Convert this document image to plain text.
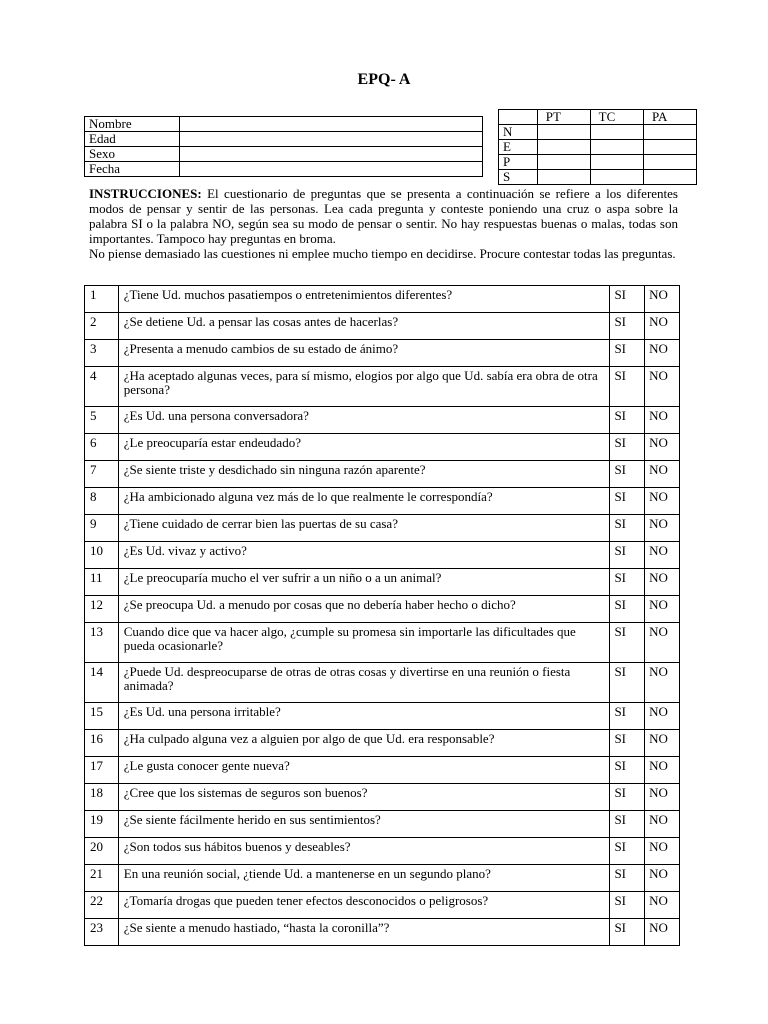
EPQ- A
Nombre	
Edad	
Sexo	
Fecha	
	PT	TC	PA
N			
E			
P			
S			

INSTRUCCIONES: El cuestionario de preguntas que se presenta a continuación se refiere a los diferentes modos de pensar y sentir de las personas. Lea cada pregunta y conteste poniendo una cruz o aspa sobre la palabra SI o la palabra NO, según sea su modo de pensar o sentir. No hay respuestas buenas o malas, todas son importantes. Tampoco hay preguntas en broma.

No piense demasiado las cuestiones ni emplee mucho tiempo en decidirse. Procure contestar todas las preguntas.

1	¿Tiene Ud. muchos pasatiempos o entretenimientos diferentes?	SI	NO
2	¿Se detiene Ud. a pensar las cosas antes de hacerlas?	SI	NO
3	¿Presenta a menudo cambios de su estado de ánimo?	SI	NO
4	¿Ha aceptado algunas veces, para sí mismo, elogios por algo que Ud. sabía era obra de otra persona?	SI	NO
5	¿Es Ud. una persona conversadora?	SI	NO
6	¿Le preocuparía estar endeudado?	SI	NO
7	¿Se siente triste y desdichado sin ninguna razón aparente?	SI	NO
8	¿Ha ambicionado alguna vez más de lo que realmente le correspondía?	SI	NO
9	¿Tiene cuidado de cerrar bien las puertas de su casa?	SI	NO
10	¿Es Ud. vivaz y activo?	SI	NO
11	¿Le preocuparía mucho el ver sufrir a un niño o a un animal?	SI	NO
12	¿Se preocupa Ud. a menudo por cosas que no debería haber hecho o dicho?	SI	NO
13	Cuando dice que va hacer algo, ¿cumple su promesa sin importarle las dificultades que pueda ocasionarle?	SI	NO
14	¿Puede Ud. despreocuparse de otras de otras cosas y divertirse en una reunión o fiesta animada?	SI	NO
15	¿Es Ud. una persona irritable?	SI	NO
16	¿Ha culpado alguna vez a alguien por algo de que Ud. era responsable?	SI	NO
17	¿Le gusta conocer gente nueva?	SI	NO
18	¿Cree que los sistemas de seguros son buenos?	SI	NO
19	¿Se siente fácilmente herido en sus sentimientos?	SI	NO
20	¿Son todos sus hábitos buenos y deseables?	SI	NO
21	En una reunión social, ¿tiende Ud. a mantenerse en un segundo plano?	SI	NO
22	¿Tomaría drogas que pueden tener efectos desconocidos o peligrosos?	SI	NO
23	¿Se siente a menudo hastiado, “hasta la coronilla”?	SI	NO
